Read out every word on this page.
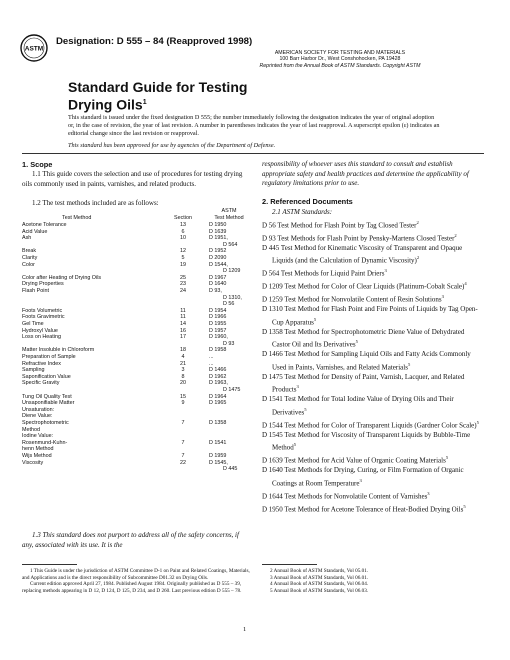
ASTM
Designation: D 555 – 84 (Reapproved 1998)
AMERICAN SOCIETY FOR TESTING AND MATERIALS
100 Barr Harbor Dr., West Conshohocken, PA 19428
Reprinted from the Annual Book of ASTM Standards. Copyright ASTM
Standard Guide for Testing
Drying Oils$^1$
This standard is issued under the fixed designation D 555; the number immediately following the designation indicates the year of original adoption or, in the case of revision, the year of last revision. A number in parentheses indicates the year of last reapproval. A superscript epsilon (ε) indicates an editorial change since the last revision or reapproval.
This standard has been approved for use by agencies of the Department of Defense.
1. Scope
1.1 This guide covers the selection and use of procedures for testing drying oils commonly used in paints, varnishes, and related products.
1.2 The test methods included are as follows:
ASTM
Test Method	Section	Test Method
Acetone Tolerance	13	D 1950
Acid Value	6	D 1639
Ash	10	D 1951,
D 564
Break	12	D 1952
Clarity	5	D 2090
Color	19	D 1544,
D 1209
Color after Heating of Drying Oils	25	D 1967
Drying Properties	23	D 1640
Flash Point	24	D 93,
D 1310,
D 56
Foots Volumetric	11	D 1954
Foots Gravimetric	11	D 1966
Gel Time	14	D 1955
Hydroxyl Value	16	D 1957
Loss on Heating	17	D 1960,
D 93
Matter Insoluble in Chloroform	18	D 1958
Preparation of Sample	4	...
Refractive Index	21	...
Sampling	3	D 1466
Saponification Value	8	D 1962
Specific Gravity	20	D 1963,
D 1475
Tung Oil Quality Test	15	D 1964
Unsaponifiable Matter	9	D 1965
Unsaturation:
Diene Value:
Spectrophotometric	7	D 1358
Method
Iodine Value:
Rosenmund-Kuhn-	7	D 1541
henn Method
Wijs Method	7	D 1959
Viscosity	22	D 1545,
D 445
1.3 This standard does not purport to address all of the safety concerns, if any, associated with its use. It is the
responsibility of whoever uses this standard to consult and establish appropriate safety and health practices and determine the applicability of regulatory limitations prior to use.
2. Referenced Documents
2.1 ASTM Standards:
D 56 Test Method for Flash Point by Tag Closed Tester$^2$
D 93 Test Methods for Flash Point by Pensky-Martens Closed Tester$^2$
D 445 Test Method for Kinematic Viscosity of Transparent and Opaque Liquids (and the Calculation of Dynamic Viscosity)$^2$
D 564 Test Methods for Liquid Paint Driers$^3$
D 1209 Test Method for Color of Clear Liquids (Platinum-Cobalt Scale)$^4$
D 1259 Test Method for Nonvolatile Content of Resin Solutions$^3$
D 1310 Test Method for Flash Point and Fire Points of Liquids by Tag Open-Cup Apparatus$^5$
D 1358 Test Method for Spectrophotometric Diene Value of Dehydrated Castor Oil and Its Derivatives$^5$
D 1466 Test Method for Sampling Liquid Oils and Fatty Acids Commonly Used in Paints, Varnishes, and Related Materials$^5$
D 1475 Test Method for Density of Paint, Varnish, Lacquer, and Related Products$^3$
D 1541 Test Method for Total Iodine Value of Drying Oils and Their Derivatives$^5$
D 1544 Test Method for Color of Transparent Liquids (Gardner Color Scale)$^5$
D 1545 Test Method for Viscosity of Transparent Liquids by Bubble-Time Method$^5$
D 1639 Test Method for Acid Value of Organic Coating Materials$^5$
D 1640 Test Methods for Drying, Curing, or Film Formation of Organic Coatings at Room Temperature$^3$
D 1644 Test Methods for Nonvolatile Content of Varnishes$^3$
D 1950 Test Method for Acetone Tolerance of Heat-Bodied Drying Oils$^5$
1 This Guide is under the jurisdiction of ASTM Committee D-1 on Paint and Related Coatings, Materials, and Applications and is the direct responsibility of Subcommittee D01.32 on Drying Oils.
Current edition approved April 27, 1984. Published August 1984. Originally published as D 555 – 39, replacing methods appearing in D 12, D 124, D 125, D 234, and D 260. Last previous edition D 555 – 78.
2 Annual Book of ASTM Standards, Vol 05.01.
3 Annual Book of ASTM Standards, Vol 06.01.
4 Annual Book of ASTM Standards, Vol 06.04.
5 Annual Book of ASTM Standards, Vol 06.03.
1
